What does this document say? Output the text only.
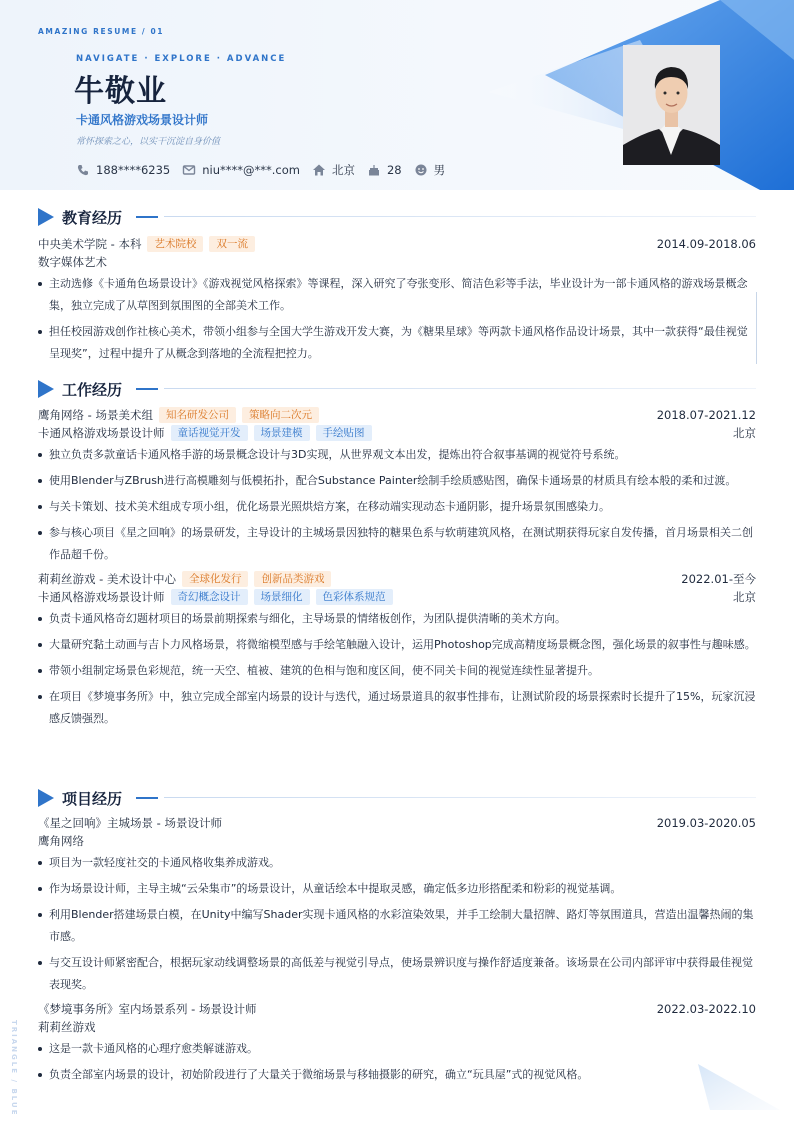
AMAZING RESUME / 01
NAVIGATE · EXPLORE · ADVANCE
牛敬业
卡通风格游戏场景设计师
常怀探索之心，以实干沉淀自身价值
188****6235	niu****@***.com	北京	28	男
教育经历
中央美术学院 - 本科	艺术院校	双一流	2014.09-2018.06
数字媒体艺术
主动选修《卡通角色场景设计》《游戏视觉风格探索》等课程，深入研究了夸张变形、简洁色彩等手法，毕业设计为一部卡通风格的游戏场景概念集，独立完成了从草图到氛围图的全部美术工作。
担任校园游戏创作社核心美术，带领小组参与全国大学生游戏开发大赛，为《糖果星球》等两款卡通风格作品设计场景，其中一款获得“最佳视觉呈现奖”，过程中提升了从概念到落地的全流程把控力。
工作经历
鹰角网络 - 场景美术组	知名研发公司	策略向二次元	2018.07-2021.12
卡通风格游戏场景设计师	童话视觉开发	场景建模	手绘贴图	北京
独立负责多款童话卡通风格手游的场景概念设计与3D实现，从世界观文本出发，提炼出符合叙事基调的视觉符号系统。
使用Blender与ZBrush进行高模雕刻与低模拓扑，配合Substance Painter绘制手绘质感贴图，确保卡通场景的材质具有绘本般的柔和过渡。
与关卡策划、技术美术组成专项小组，优化场景光照烘焙方案，在移动端实现动态卡通阴影，提升场景氛围感染力。
参与核心项目《星之回响》的场景研发，主导设计的主城场景因独特的糖果色系与软萌建筑风格，在测试期获得玩家自发传播，首月场景相关二创作品超千份。
莉莉丝游戏 - 美术设计中心	全球化发行	创新品类游戏	2022.01-至今
卡通风格游戏场景设计师	奇幻概念设计	场景细化	色彩体系规范	北京
负责卡通风格奇幻题材项目的场景前期探索与细化，主导场景的情绪板创作，为团队提供清晰的美术方向。
大量研究黏土动画与吉卜力风格场景，将微缩模型感与手绘笔触融入设计，运用Photoshop完成高精度场景概念图，强化场景的叙事性与趣味感。
带领小组制定场景色彩规范，统一天空、植被、建筑的色相与饱和度区间，使不同关卡间的视觉连续性显著提升。
在项目《梦境事务所》中，独立完成全部室内场景的设计与迭代，通过场景道具的叙事性排布，让测试阶段的场景探索时长提升了15%，玩家沉浸感反馈强烈。
项目经历
《星之回响》主城场景 - 场景设计师	2019.03-2020.05
鹰角网络
项目为一款轻度社交的卡通风格收集养成游戏。
作为场景设计师，主导主城“云朵集市”的场景设计，从童话绘本中提取灵感，确定低多边形搭配柔和粉彩的视觉基调。
利用Blender搭建场景白模，在Unity中编写Shader实现卡通风格的水彩渲染效果，并手工绘制大量招牌、路灯等氛围道具，营造出温馨热闹的集市感。
与交互设计师紧密配合，根据玩家动线调整场景的高低差与视觉引导点，使场景辨识度与操作舒适度兼备。该场景在公司内部评审中获得最佳视觉表现奖。
《梦境事务所》室内场景系列 - 场景设计师	2022.03-2022.10
莉莉丝游戏
这是一款卡通风格的心理疗愈类解谜游戏。
负责全部室内场景的设计，初始阶段进行了大量关于微缩场景与移轴摄影的研究，确立“玩具屋”式的视觉风格。
TRIANGLE / BLUE
